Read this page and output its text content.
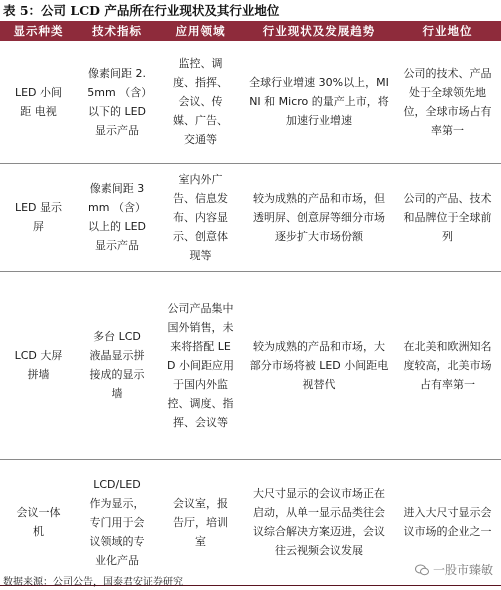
表 5：公司 LCD 产品所在行业现状及其行业地位
显示种类	技术指标	应用领域	行业现状及发展趋势	行业地位
LED 小间距 电视	像素间距 2.5mm （含）以下的 LED 显示产品	监控、调度、指挥、会议、传媒、广告、交通等	全球行业增速 30%以上，MINI 和 Micro 的量产上市，将加速行业增速	公司的技术、产品处于全球领先地位，全球市场占有率第一
LED 显示屏	像素间距 3mm （含）以上的 LED 显示产品	室内外广告、信息发布、内容显示、创意体现等	较为成熟的产品和市场，但透明屏、创意屏等细分市场逐步扩大市场份额	公司的产品、技术和品牌位于全球前列
LCD 大屏 拼墙	多台 LCD 液晶显示拼接成的显示墙	公司产品集中国外销售，未来将搭配 LED 小间距应用于国内外监控、调度、指挥、会议等	较为成熟的产品和市场，大部分市场将被 LED 小间距电视替代	在北美和欧洲知名度较高，北美市场占有率第一
会议一体 机	LCD/LED 作为显示，专门用于会议领域的专业化产品	会议室，报告厅，培训室	大尺寸显示的会议市场正在启动，从单一显示品类往会议综合解决方案迈进，会议往云视频会议发展	进入大尺寸显示会议市场的企业之一
数据来源：公司公告，国泰君安证券研究
一股市臻敏
